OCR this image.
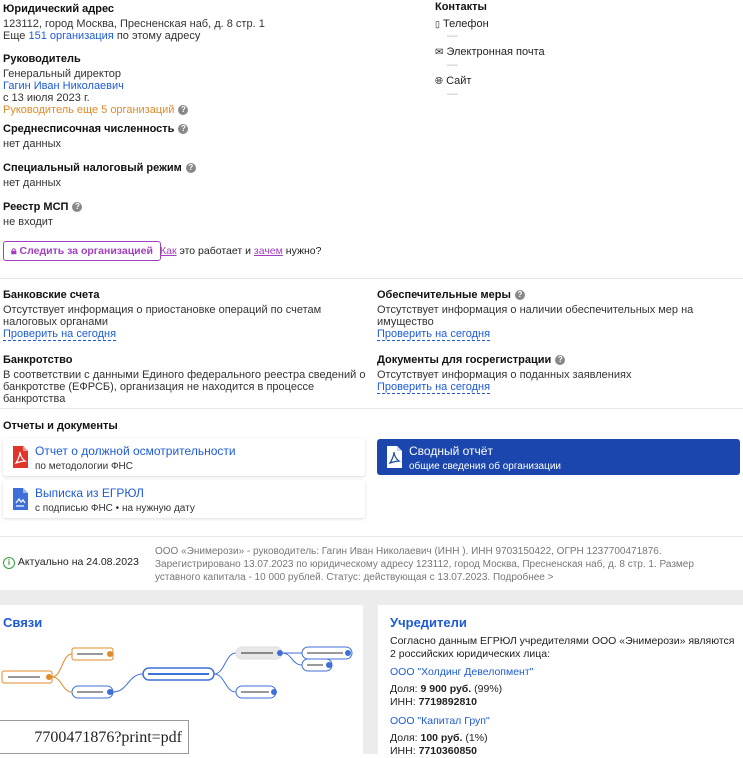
Юридический адрес
123112, город Москва, Пресненская наб, д. 8 стр. 1
Еще 151 организация по этому адресу
Руководитель
Генеральный директор
Гагин Иван Николаевич
с 13 июля 2023 г.
Руководитель еще 5 организаций ?
Среднесписочная численность ?
нет данных
Специальный налоговый режим ?
нет данных
Реестр МСП ?
не входит
🔒︎ Следить за организацией Как это работает и зачем нужно?
Контакты
▯ Телефон
—
✉ Электронная почта
—
🌐︎ Сайт
—
Банковские счета
Отсутствует информация о приостановке операций по счетам налоговых органами
Проверить на сегодня
Обеспечительные меры ?
Отсутствует информация о наличии обеспечительных мер на имущество
Проверить на сегодня
Банкротство
В соответствии с данными Единого федерального реестра сведений о банкротстве (ЕФРСБ), организация не находится в процессе банкротства
Документы для госрегистрации ?
Отсутствует информация о поданных заявлениях
Проверить на сегодня
Отчеты и документы
Отчет о должной осмотрительности
по методологии ФНС
Выписка из ЕГРЮЛ
с подписью ФНС • на нужную дату
Сводный отчёт
общие сведения об организации
i Актуально на 24.08.2023
ООО «Энимерози» - руководитель: Гагин Иван Николаевич (ИНН ). ИНН 9703150422, ОГРН 1237700471876.
Зарегистрировано 13.07.2023 по юридическому адресу 123112, город Москва, Пресненская наб, д. 8 стр. 1. Размер
уставного капитала - 10 000 рублей. Статус: действующая с 13.07.2023. Подробнее >
Связи	Учредители
Согласно данным ЕГРЮЛ учредителями ООО «Энимерози» являются 2 российских юридических лица:
ООО "Холдинг Девелопмент"
Доля: 9 900 руб. (99%)
ИНН: 7719892810
ООО "Капитал Груп"
Доля: 100 руб. (1%)
ИНН: 7710360850
7700471876?print=pdf
